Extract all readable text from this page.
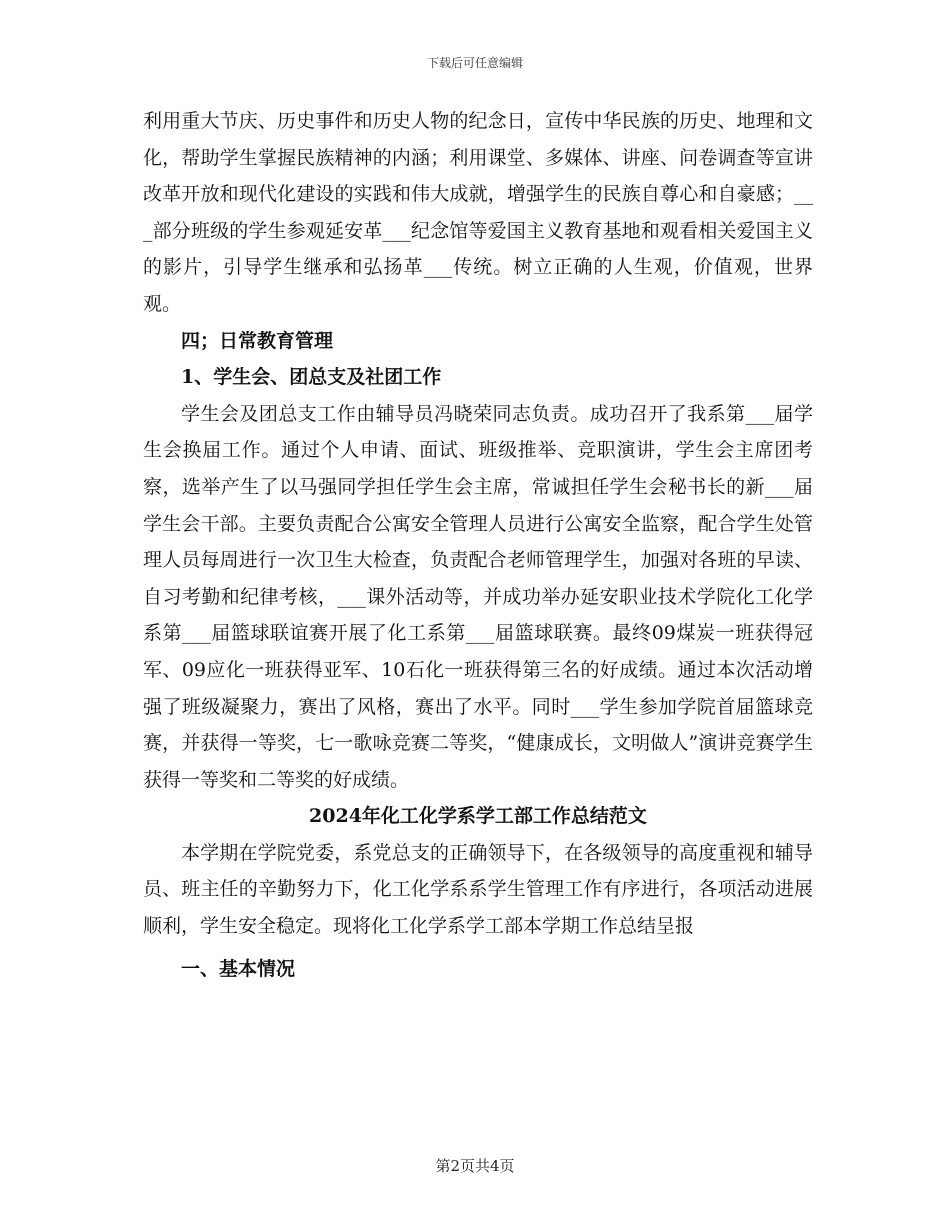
下载后可任意编辑

利用重大节庆、历史事件和历史人物的纪念日，宣传中华民族的历史、地理和文化，帮助学生掌握民族精神的内涵；利用课堂、多媒体、讲座、问卷调查等宣讲改革开放和现代化建设的实践和伟大成就，增强学生的民族自尊心和自豪感；___部分班级的学生参观延安革___纪念馆等爱国主义教育基地和观看相关爱国主义的影片，引导学生继承和弘扬革___传统。树立正确的人生观，价值观，世界观。

四；日常教育管理

1、学生会、团总支及社团工作

学生会及团总支工作由辅导员冯晓荣同志负责。成功召开了我系第___届学生会换届工作。通过个人申请、面试、班级推举、竞职演讲，学生会主席团考察，选举产生了以马强同学担任学生会主席，常诚担任学生会秘书长的新___届学生会干部。主要负责配合公寓安全管理人员进行公寓安全监察，配合学生处管理人员每周进行一次卫生大检查，负责配合老师管理学生，加强对各班的早读、自习考勤和纪律考核，___课外活动等，并成功举办延安职业技术学院化工化学系第___届篮球联谊赛开展了化工系第___届篮球联赛。最终09煤炭一班获得冠军、09应化一班获得亚军、10石化一班获得第三名的好成绩。通过本次活动增强了班级凝聚力，赛出了风格，赛出了水平。同时___学生参加学院首届篮球竞赛，并获得一等奖，七一歌咏竞赛二等奖，“健康成长，文明做人”演讲竞赛学生获得一等奖和二等奖的好成绩。

2024年化工化学系学工部工作总结范文

本学期在学院党委，系党总支的正确领导下，在各级领导的高度重视和辅导员、班主任的辛勤努力下，化工化学系系学生管理工作有序进行，各项活动进展顺利，学生安全稳定。现将化工化学系学工部本学期工作总结呈报

一、基本情况

第2页共4页
